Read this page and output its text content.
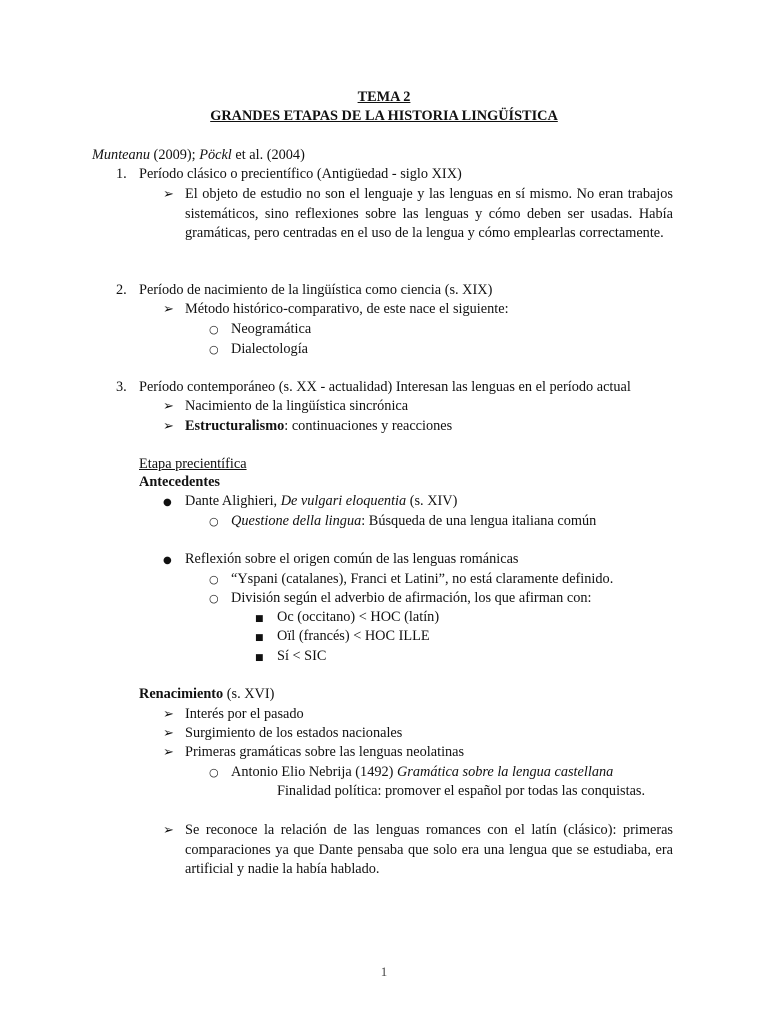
TEMA 2
GRANDES ETAPAS DE LA HISTORIA LINGÜÍSTICA
Munteanu (2009); Pöckl et al. (2004)
1. Período clásico o precientífico (Antigüedad - siglo XIX)
➢ El objeto de estudio no son el lenguaje y las lenguas en sí mismo. No eran trabajos sistemáticos, sino reflexiones sobre las lenguas y cómo deben ser usadas. Había gramáticas, pero centradas en el uso de la lengua y cómo emplearlas correctamente.
2. Período de nacimiento de la lingüística como ciencia (s. XIX)
➢ Método histórico-comparativo, de este nace el siguiente:
○ Neogramática
○ Dialectología
3. Período contemporáneo (s. XX - actualidad) Interesan las lenguas en el período actual
➢ Nacimiento de la lingüística sincrónica
➢ Estructuralismo: continuaciones y reacciones
Etapa precientífica
Antecedentes
● Dante Alighieri, De vulgari eloquentia (s. XIV)
○ Questione della lingua: Búsqueda de una lengua italiana común
● Reflexión sobre el origen común de las lenguas románicas
○ “Yspani (catalanes), Franci et Latini”, no está claramente definido.
○ División según el adverbio de afirmación, los que afirman con:
■ Oc (occitano) < HOC (latín)
■ Oïl (francés) < HOC ILLE
■ Sí < SIC
Renacimiento (s. XVI)
➢ Interés por el pasado
➢ Surgimiento de los estados nacionales
➢ Primeras gramáticas sobre las lenguas neolatinas
○ Antonio Elio Nebrija (1492) Gramática sobre la lengua castellana
Finalidad política: promover el español por todas las conquistas.
➢ Se reconoce la relación de las lenguas romances con el latín (clásico): primeras comparaciones ya que Dante pensaba que solo era una lengua que se estudiaba, era artificial y nadie la había hablado.
1
